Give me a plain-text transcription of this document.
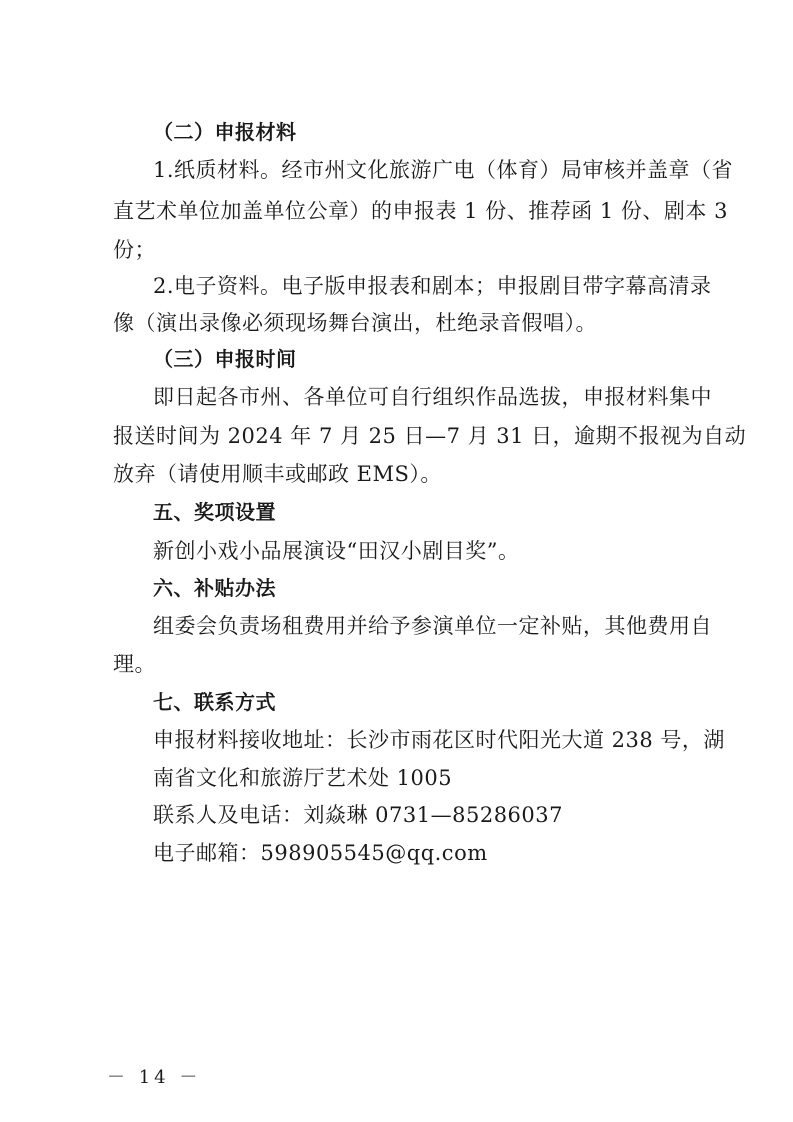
（二）申报材料
1.纸质材料。经市州文化旅游广电（体育）局审核并盖章（省
直艺术单位加盖单位公章）的申报表 1 份、推荐函 1 份、剧本 3
份；
2.电子资料。电子版申报表和剧本；申报剧目带字幕高清录
像（演出录像必须现场舞台演出，杜绝录音假唱）。
（三）申报时间
即日起各市州、各单位可自行组织作品选拔，申报材料集中
报送时间为 2024 年 7 月 25 日—7 月 31 日，逾期不报视为自动
放弃（请使用顺丰或邮政 EMS）。
五、奖项设置
新创小戏小品展演设“田汉小剧目奖”。
六、补贴办法
组委会负责场租费用并给予参演单位一定补贴，其他费用自
理。
七、联系方式
申报材料接收地址：长沙市雨花区时代阳光大道 238 号，湖
南省文化和旅游厅艺术处 1005
联系人及电话：刘焱琳 0731—85286037
电子邮箱：598905545@qq.com
－ 14 －
